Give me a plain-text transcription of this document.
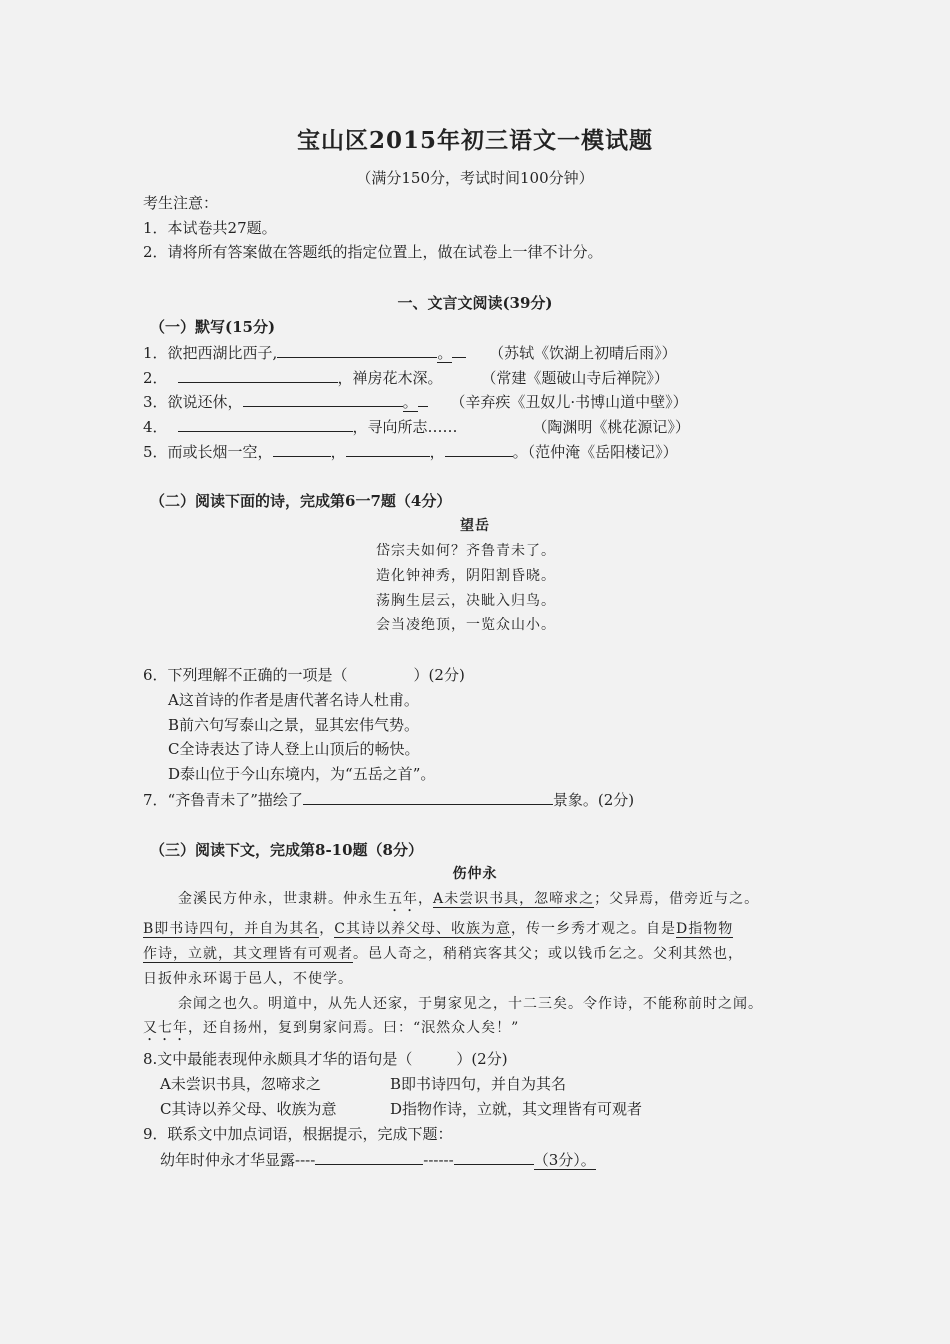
宝山区2015年初三语文一模试题
（满分150分，考试时间100分钟）
考生注意：
1．本试卷共27题。
2．请将所有答案做在答题纸的指定位置上，做在试卷上一律不计分。
一、文言文阅读(39分)
（一）默写(15分)
1．欲把西湖比西子,	。 （苏轼《饮湖上初晴后雨》）
2．	，禅房花木深。	（常建《题破山寺后禅院》）
3．欲说还休，	。 （辛弃疾《丑奴儿·书博山道中壁》）
4．	，寻向所志……	（陶渊明《桃花源记》）
5．而或长烟一空，	，	，	。（范仲淹《岳阳楼记》）
（二）阅读下面的诗，完成第6一7题（4分）
望岳
岱宗夫如何？齐鲁青未了。
造化钟神秀，阴阳割昏晓。
荡胸生层云，决眦入归鸟。
会当凌绝顶，一览众山小。
6．下列理解不正确的一项是（	）(2分)
A这首诗的作者是唐代著名诗人杜甫。
B前六句写泰山之景，显其宏伟气势。
C全诗表达了诗人登上山顶后的畅快。
D泰山位于今山东境内，为“五岳之首”。
7．“齐鲁青未了”描绘了	景象。(2分)
（三）阅读下文，完成第8-10题（8分）
伤仲永
金溪民方仲永，世隶耕。仲永生五年，A未尝识书具，忽啼求之；父异焉，借旁近与之。
B即书诗四句，并自为其名，C其诗以养父母、收族为意，传一乡秀才观之。自是D指物物
作诗，立就，其文理皆有可观者。邑人奇之，稍稍宾客其父；或以钱币乞之。父利其然也，
日扳仲永环谒于邑人，不使学。
余闻之也久。明道中，从先人还家，于舅家见之，十二三矣。令作诗，不能称前时之闻。
又七年，还自扬州，复到舅家问焉。曰：“泯然众人矣！”
8.文中最能表现仲永颇具才华的语句是（	）(2分)
A未尝识书具，忽啼求之	B即书诗四句，并自为其名
C其诗以养父母、收族为意	D指物作诗，立就，其文理皆有可观者
9．联系文中加点词语，根据提示，完成下题：
幼年时仲永才华显露----	------	（3分）。
